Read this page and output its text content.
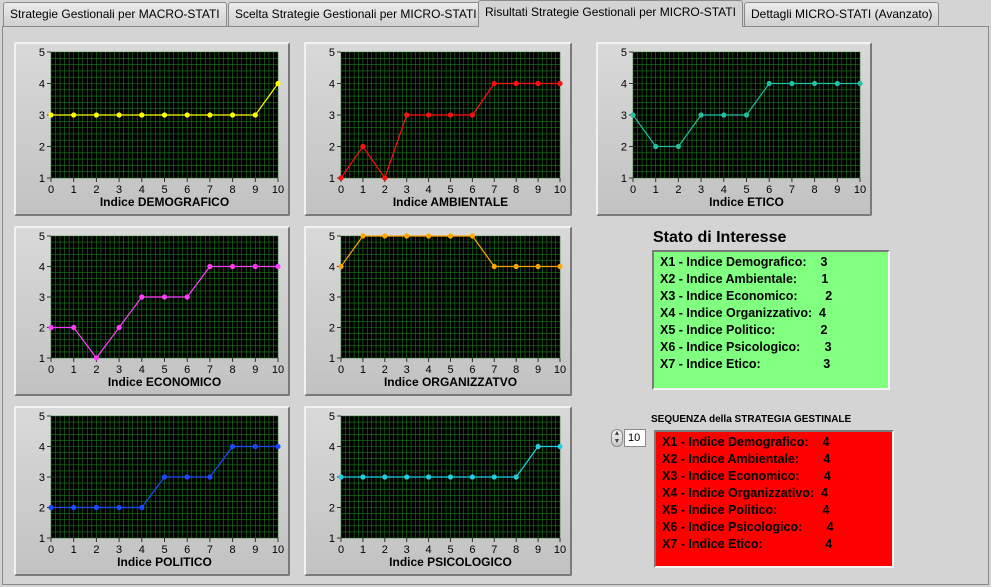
Strategie Gestionali per MACRO-STATI	Scelta Strategie Gestionali per MICRO-STATI Risultati Strategie Gestionali per MICRO-STATI	Dettagli MICRO-STATI (Avanzato)
0 1 2 3 4 5 6 7 8 9 10
1
2
3
4
5
Indice DEMOGRAFICO
0 1 2 3 4 5 6 7 8 9 10
1
2
3
4
5
Indice AMBIENTALE
0 1 2 3 4 5 6 7 8 9 10
1
2
3
4
5
Indice ETICO
0 1 2 3 4 5 6 7 8 9 10
1
2
3
4
5
Indice ECONOMICO
0 1 2 3 4 5 6 7 8 9 10
1
2
3
4
5
Indice ORGANIZZATVO
0 1 2 3 4 5 6 7 8 9 10
1
2
3
4
5
Indice POLITICO
0 1 2 3 4 5 6 7 8 9 10
1
2
3
4
5
Indice PSICOLOGICO
Stato di Interesse
X1 - Indice Demografico:    3
X2 - Indice Ambientale:       1
X3 - Indice Economico:        2
X4 - Indice Organizzativo:  4
X5 - Indice Politico:             2
X6 - Indice Psicologico:       3
X7 - Indice Etico:                  3
SEQUENZA della STRATEGIA GESTINALE
▲
▼ 10	X1 - Indice Demografico:    4
X2 - Indice Ambientale:       4
X3 - Indice Economico:       4
X4 - Indice Organizzativo:  4
X5 - Indice Politico:             4
X6 - Indice Psicologico:       4
X7 - Indice Etico:                  4
